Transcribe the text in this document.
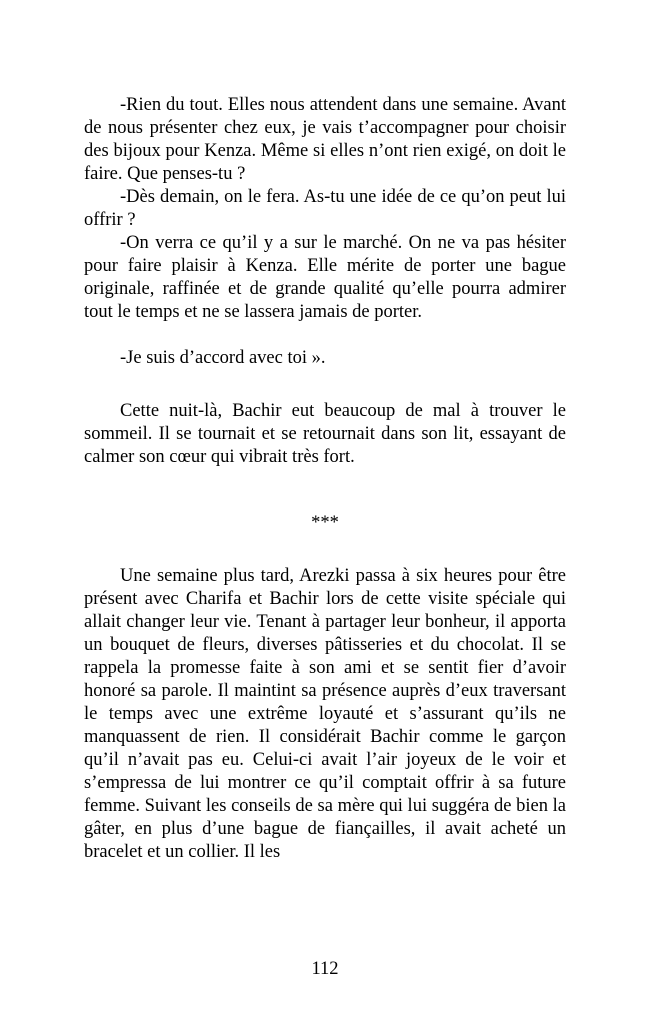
-Rien du tout. Elles nous attendent dans une semaine. Avant de nous présenter chez eux, je vais t’accompagner pour choisir des bijoux pour Kenza. Même si elles n’ont rien exigé, on doit le faire. Que penses-tu ?

-Dès demain, on le fera. As-tu une idée de ce qu’on peut lui offrir ?

-On verra ce qu’il y a sur le marché. On ne va pas hésiter pour faire plaisir à Kenza. Elle mérite de porter une bague originale, raffinée et de grande qualité qu’elle pourra admirer tout le temps et ne se lassera jamais de porter.

-Je suis d’accord avec toi ».

Cette nuit-là, Bachir eut beaucoup de mal à trouver le sommeil. Il se tournait et se retournait dans son lit, essayant de calmer son cœur qui vibrait très fort.

***

Une semaine plus tard, Arezki passa à six heures pour être présent avec Charifa et Bachir lors de cette visite spéciale qui allait changer leur vie. Tenant à partager leur bonheur, il apporta un bouquet de fleurs, diverses pâtisseries et du chocolat. Il se rappela la promesse faite à son ami et se sentit fier d’avoir honoré sa parole. Il maintint sa présence auprès d’eux traversant le temps avec une extrême loyauté et s’assurant qu’ils ne manquassent de rien. Il considérait Bachir comme le garçon qu’il n’avait pas eu. Celui-ci avait l’air joyeux de le voir et s’empressa de lui montrer ce qu’il comptait offrir à sa future femme. Suivant les conseils de sa mère qui lui suggéra de bien la gâter, en plus d’une bague de fiançailles, il avait acheté un bracelet et un collier. Il les

112
